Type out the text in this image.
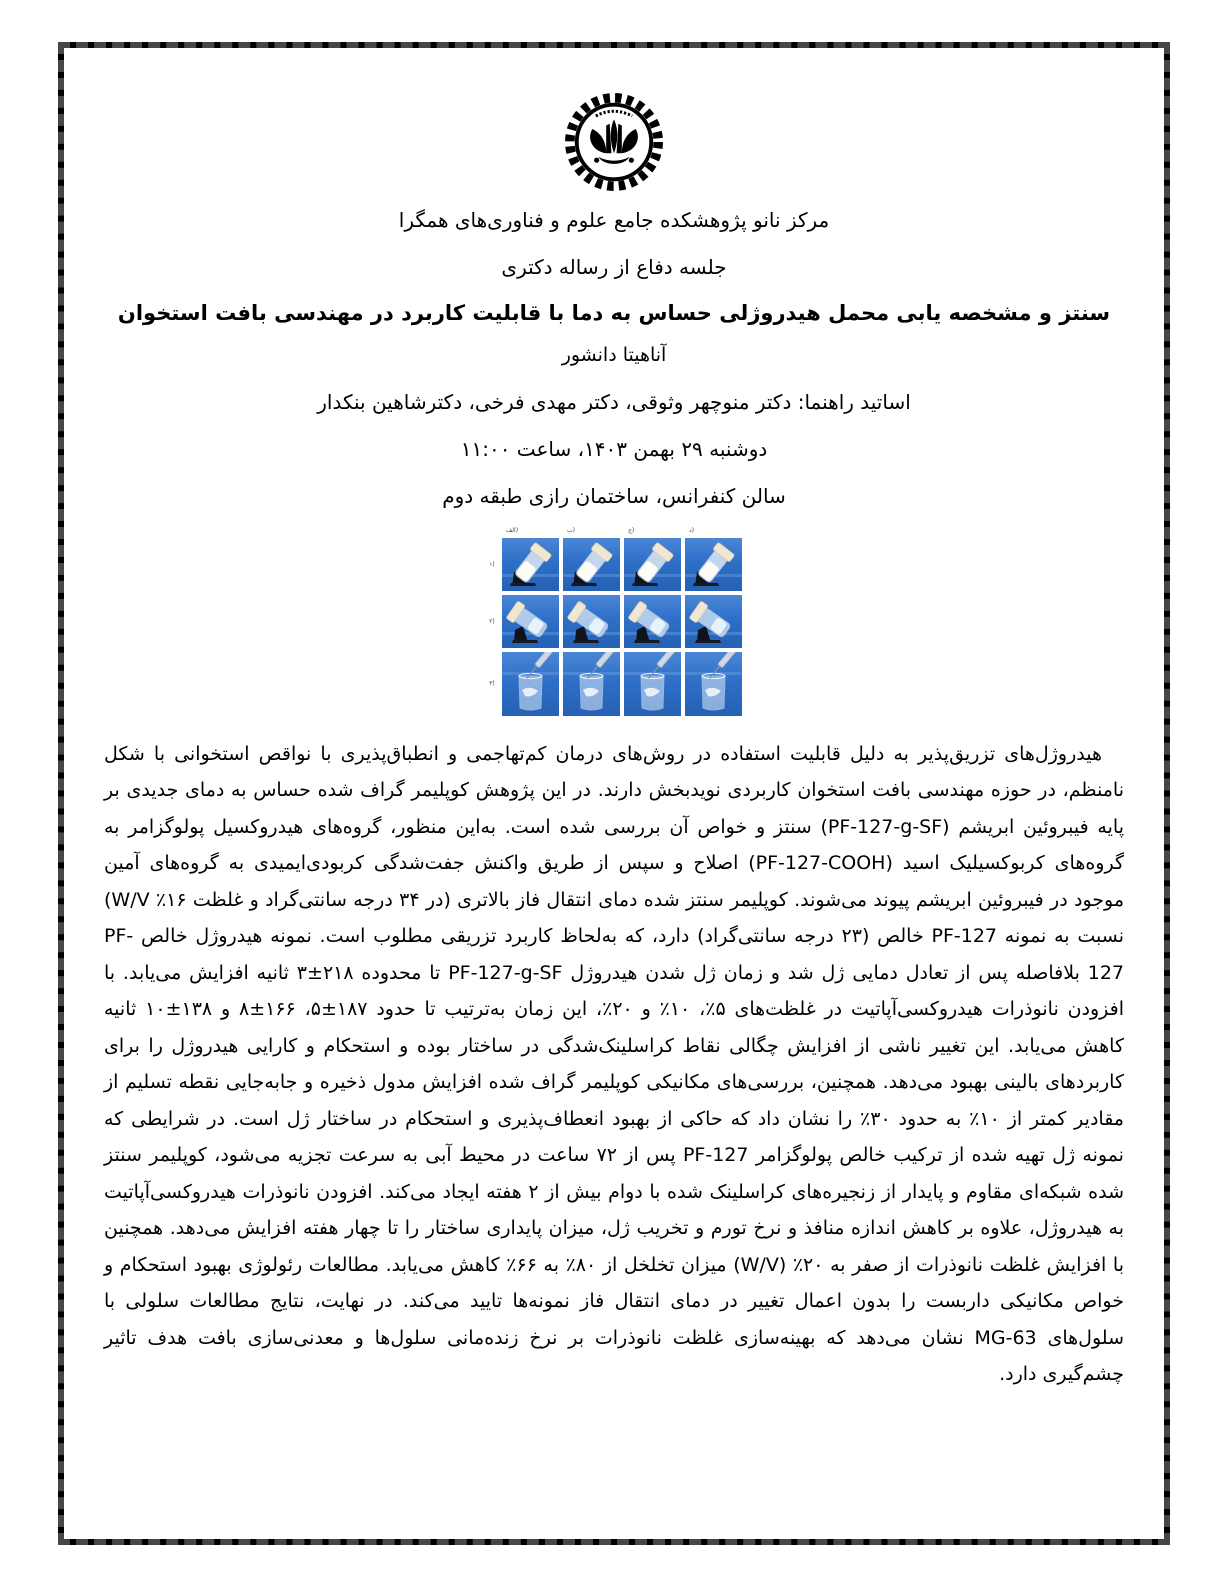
مرکز نانو پژوهشکده جامع علوم و فناوری‌های همگرا
جلسه دفاع از رساله دکتری
سنتز و مشخصه یابی محمل هیدروژلی حساس به دما با قابلیت کاربرد در مهندسی بافت استخوان
آناهیتا دانشور
اساتید راهنما: دکتر منوچهر وثوقی، دکتر مهدی فرخی، دکترشاهین بنکدار
دوشنبه ۲۹ بهمن ۱۴۰۳، ساعت ۱۱:۰۰
سالن کنفرانس، ساختمان رازی طبقه دوم
الف)	ب)	ج)	د)
۱)
۲)
۳)

هیدروژل‌های تزریق‌پذیر به دلیل قابلیت استفاده در روش‌های درمان کم‌تهاجمی و انطباق‌پذیری با نواقص استخوانی با شکل نامنظم، در حوزه مهندسی بافت استخوان کاربردی نویدبخش دارند. در این پژوهش کوپلیمر گراف شده حساس به دمای جدیدی بر پایه فیبروئین ابریشم (PF-127-g-SF) سنتز و خواص آن بررسی شده است. به‌این منظور، گروه‌های هیدروکسیل پولوگزامر به گروه‌های کربوکسیلیک اسید (PF-127-COOH) اصلاح و سپس از طریق واکنش جفت‌شدگی کربودی‌ایمیدی به گروه‌های آمین موجود در فیبروئین ابریشم پیوند می‌شوند. کوپلیمر سنتز شده دمای انتقال فاز بالاتری (در ۳۴ درجه سانتی‌گراد و غلظت ۱۶٪ W/V) نسبت به نمونه PF-127 خالص (۲۳ درجه سانتی‌گراد) دارد، که به‌لحاظ کاربرد تزریقی مطلوب است. نمونه هیدروژل خالص PF-127 بلافاصله پس از تعادل دمایی ژل شد و زمان ژل شدن هیدروژل PF-127-g-SF تا محدوده ۲۱۸±۳ ثانیه افزایش می‌یابد. با افزودن نانوذرات هیدروکسی‌آپاتیت در غلظت‌های ۵٪، ۱۰٪ و ۲۰٪، این زمان به‌ترتیب تا حدود ۱۸۷±۵، ۱۶۶±۸ و ۱۳۸±۱۰ ثانیه کاهش می‌یابد. این تغییر ناشی از افزایش چگالی نقاط کراسلینک‌شدگی در ساختار بوده و استحکام و کارایی هیدروژل را برای کاربردهای بالینی بهبود می‌دهد. همچنین، بررسی‌های مکانیکی کوپلیمر گراف شده افزایش مدول ذخیره و جابه‌جایی نقطه تسلیم از مقادیر کمتر از ۱۰٪ به حدود ۳۰٪ را نشان داد که حاکی از بهبود انعطاف‌پذیری و استحکام در ساختار ژل است. در شرایطی که نمونه ژل تهیه شده از ترکیب خالص پولوگزامر PF-127 پس از ۷۲ ساعت در محیط آبی به سرعت تجزیه می‌شود، کوپلیمر سنتز شده شبکه‌ای مقاوم و پایدار از زنجیره‌های کراسلینک شده با دوام بیش از ۲ هفته ایجاد می‌کند. افزودن نانوذرات هیدروکسی‌آپاتیت به هیدروژل، علاوه بر کاهش اندازه منافذ و نرخ تورم و تخریب ژل، میزان پایداری ساختار را تا چهار هفته افزایش می‌دهد. همچنین با افزایش غلظت نانوذرات از صفر به ۲۰٪ (W/V) میزان تخلخل از ۸۰٪ به ۶۶٪ کاهش می‌یابد. مطالعات رئولوژی بهبود استحکام و خواص مکانیکی داربست را بدون اعمال تغییر در دمای انتقال فاز نمونه‌ها تایید می‌کند. در نهایت، نتایج مطالعات سلولی با سلول‌های MG-63 نشان می‌دهد که بهینه‌سازی غلظت نانوذرات بر نرخ زنده‌مانی سلول‌ها و معدنی‌سازی بافت هدف تاثیر چشم‌گیری دارد.
